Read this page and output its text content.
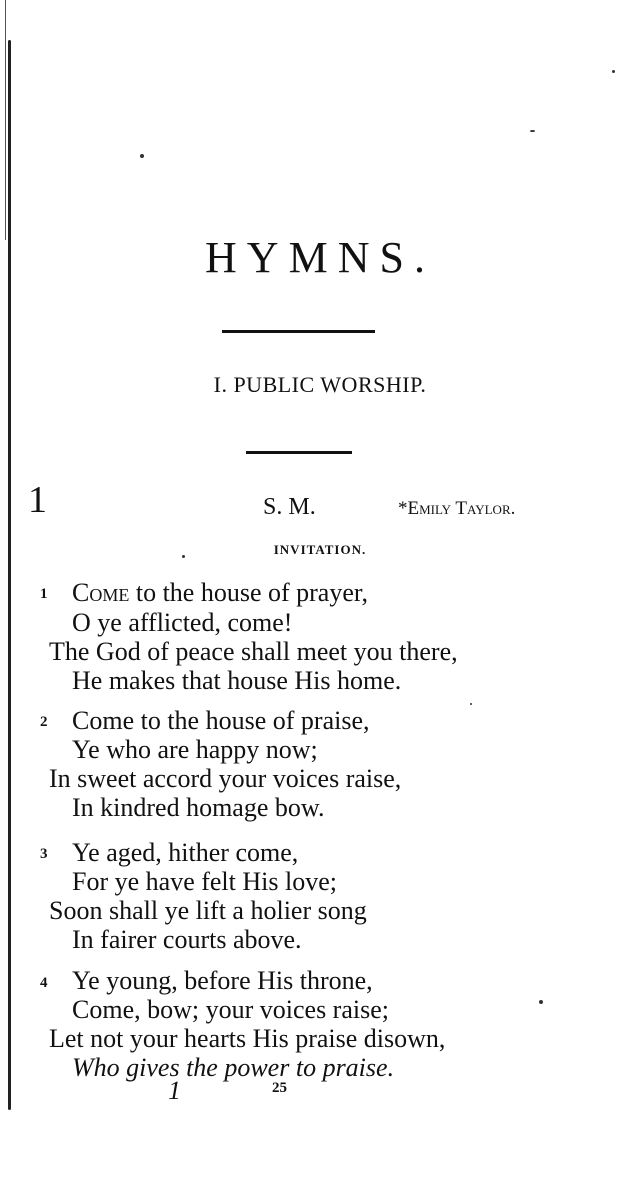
HYMNS.
I. PUBLIC WORSHIP.
1	S. M.	*Emily Taylor.
INVITATION.
1 Come to the house of prayer,
O ye afflicted, come!
The God of peace shall meet you there,
He makes that house His home.
2 Come to the house of praise,
Ye who are happy now;
In sweet accord your voices raise,
In kindred homage bow.
3 Ye aged, hither come,
For ye have felt His love;
Soon shall ye lift a holier song
In fairer courts above.
4 Ye young, before His throne,
Come, bow; your voices raise;
Let not your hearts His praise disown,
Who gives the power to praise.
1	25
